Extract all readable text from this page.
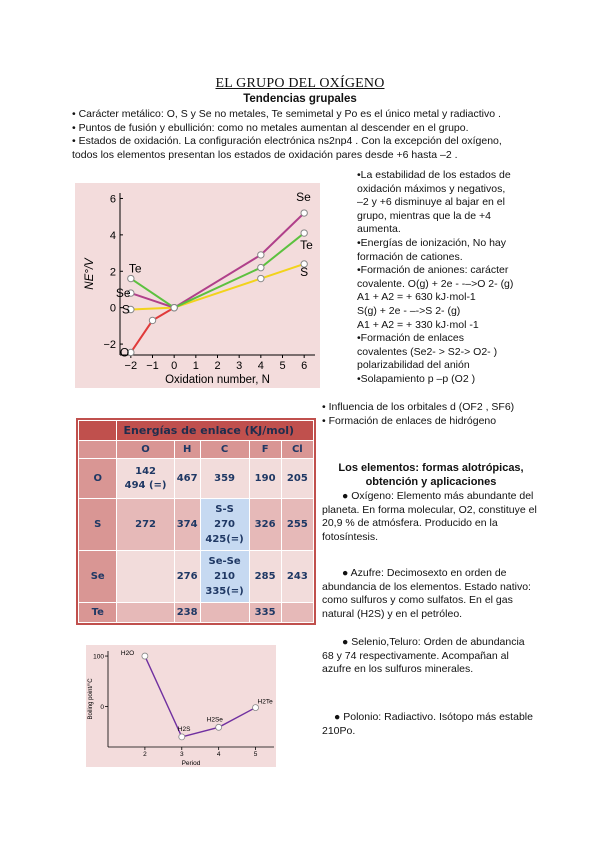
EL GRUPO DEL OXÍGENO
Tendencias grupales
• Carácter metálico: O, S y Se no metales, Te semimetal y Po es el único metal y radiactivo .
• Puntos de fusión y ebullición: como no metales aumentan al descender en el grupo.
• Estados de oxidación. La configuración electrónica ns2np4 . Con la excepción del oxígeno,
todos los elementos presentan los estados de oxidación pares desde +6 hasta –2 .
−2 −1 0 1 2 3 4 5 6
−2
0
2
4
6
Oxidation number, N
NE°/V
O
S
Se
Te
Se
Te
S
•La estabilidad de los estados de
oxidación máximos y negativos,
–2 y +6 disminuye al bajar en el
grupo, mientras que la de +4
aumenta.
•Energías de ionización, No hay
formación de cationes.
•Formación de aniones: carácter
covalente. O(g) + 2e - -–>O 2- (g)
A1 + A2 = + 630 kJ·mol-1
S(g) + 2e - –->S 2- (g)
A1 + A2 = + 330 kJ·mol -1
•Formación de enlaces
covalentes (Se2- > S2-> O2- )
polarizabilidad del anión
•Solapamiento p –p (O2 )
• Influencia de los orbitales d (OF2 , SF6)
• Formación de enlaces de hidrógeno
	Energías de enlace (KJ/mol)				
	O	H	C	F	Cl
O	142
494 (=)	467	359	190	205
S	272	374	S-S
270
425(=)	326	255
Se		276	Se-Se
210
335(=)	285	243
Te		238		335	
Los elementos: formas alotrópicas,
obtención y aplicaciones
● Oxígeno: Elemento más abundante del planeta. En forma molecular, O2, constituye el 20,9 % de atmósfera. Producido en la fotosíntesis.
● Azufre: Decimosexto en orden de abundancia de los elementos. Estado nativo: como sulfuros y como sulfatos. En el gas natural (H2S) y en el petróleo.
● Selenio,Teluro: Orden de abundancia 68 y 74 respectivamente. Acompañan al azufre en los sulfuros minerales.
● Polonio: Radiactivo. Isótopo más estable 210Po.
2	3	4	5
100
0
Period
Boiling point/°C
H2O
H2S
H2Se
H2Te
